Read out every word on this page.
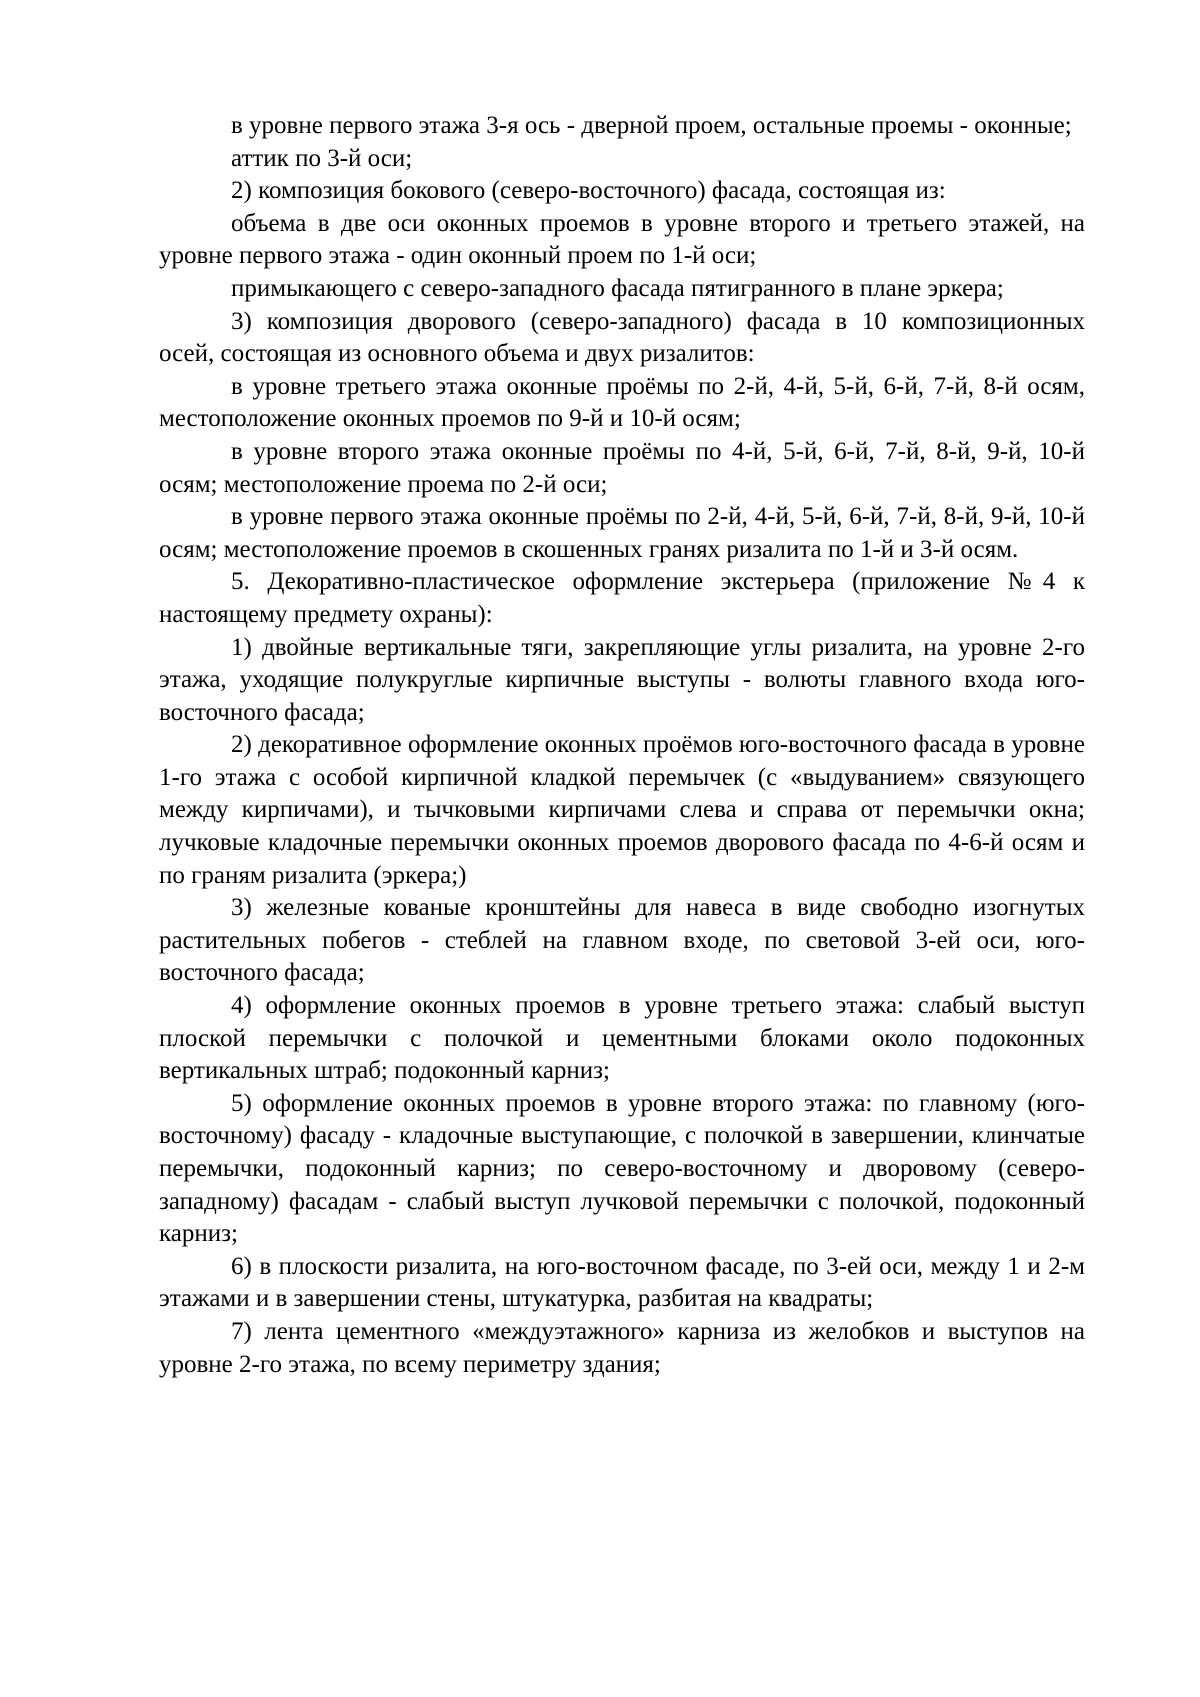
в уровне первого этажа 3-я ось - дверной проем, остальные проемы - оконные;

аттик по 3-й оси;

2) композиция бокового (северо-восточного) фасада, состоящая из:

объема в две оси оконных проемов в уровне второго и третьего этажей, на уровне первого этажа - один оконный проем по 1-й оси;

примыкающего с северо-западного фасада пятигранного в плане эркера;

3) композиция дворового (северо-западного) фасада в 10 композиционных осей, состоящая из основного объема и двух ризалитов:

в уровне третьего этажа оконные проёмы по 2-й, 4-й, 5-й, 6-й, 7-й, 8-й осям, местоположение оконных проемов по 9-й и 10-й осям;

в уровне второго этажа оконные проёмы по 4-й, 5-й, 6-й, 7-й, 8-й, 9-й, 10-й осям; местоположение проема по 2-й оси;

в уровне первого этажа оконные проёмы по 2-й, 4-й, 5-й, 6-й, 7-й, 8-й, 9-й, 10-й осям; местоположение проемов в скошенных гранях ризалита по 1-й и 3-й осям.

5. Декоративно-пластическое оформление экстерьера (приложение №4 к настоящему предмету охраны):

1) двойные вертикальные тяги, закрепляющие углы ризалита, на уровне 2-го этажа, уходящие полукруглые кирпичные выступы - волюты главного входа юго-восточного фасада;

2) декоративное оформление оконных проёмов юго-восточного фасада в уровне 1-го этажа с особой кирпичной кладкой перемычек (с «выдуванием» связующего между кирпичами), и тычковыми кирпичами слева и справа от перемычки окна; лучковые кладочные перемычки оконных проемов дворового фасада по 4-6-й осям и по граням ризалита (эркера;)

3) железные кованые кронштейны для навеса в виде свободно изогнутых растительных побегов - стеблей на главном входе, по световой 3-ей оси, юго-восточного фасада;

4) оформление оконных проемов в уровне третьего этажа: слабый выступ плоской перемычки с полочкой и цементными блоками около подоконных вертикальных штраб; подоконный карниз;

5) оформление оконных проемов в уровне второго этажа: по главному (юго-восточному) фасаду - кладочные выступающие, с полочкой в завершении, клинчатые перемычки, подоконный карниз; по северо-восточному и дворовому (северо-западному) фасадам - слабый выступ лучковой перемычки с полочкой, подоконный карниз;

6) в плоскости ризалита, на юго-восточном фасаде, по 3-ей оси, между 1 и 2-м этажами и в завершении стены, штукатурка, разбитая на квадраты;

7) лента цементного «междуэтажного» карниза из желобков и выступов на уровне 2-го этажа, по всему периметру здания;
